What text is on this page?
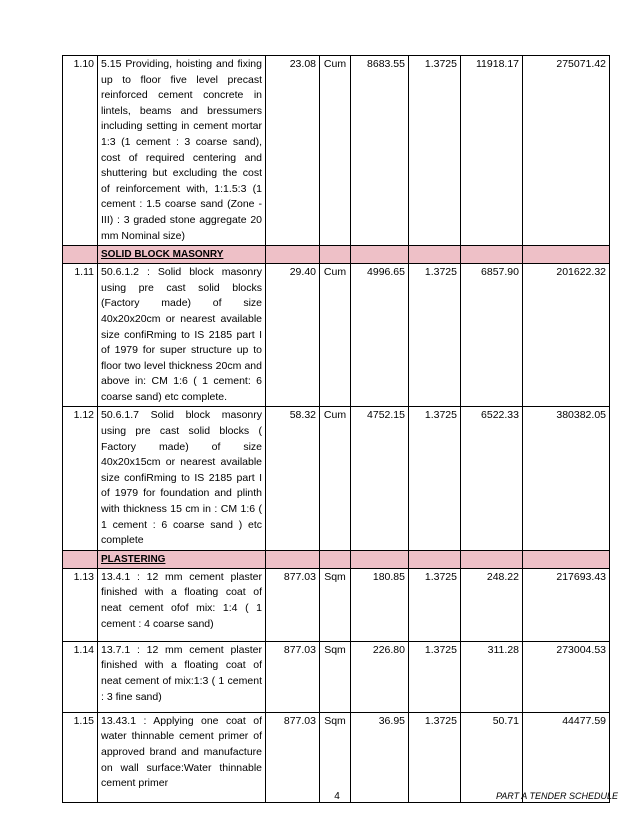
1.10	5.15 Providing, hoisting and fixing up to floor five level precast reinforced cement concrete in lintels, beams and bressumers including setting in cement mortar 1:3 (1 cement : 3 coarse sand), cost of required centering and shuttering but excluding the cost of reinforcement with, 1:1.5:3 (1 cement : 1.5 coarse sand (Zone - III) : 3 graded stone aggregate 20 mm Nominal size)	23.08	Cum	8683.55	1.3725	11918.17	275071.42
	SOLID BLOCK MASONRY						
1.11	50.6.1.2 : Solid block masonry using pre cast solid blocks (Factory made) of size 40x20x20cm or nearest available size confiRming to IS 2185 part I of 1979 for super structure up to floor two level thickness 20cm and above in: CM 1:6 ( 1 cement: 6 coarse sand) etc complete.	29.40	Cum	4996.65	1.3725	6857.90	201622.32
1.12	50.6.1.7 Solid block masonry using pre cast solid blocks ( Factory made) of size 40x20x15cm or nearest available size confiRming to IS 2185 part I of 1979 for foundation and plinth with thickness 15 cm in : CM 1:6 ( 1 cement : 6 coarse sand ) etc complete	58.32	Cum	4752.15	1.3725	6522.33	380382.05
	PLASTERING						
1.13	13.4.1 : 12 mm cement plaster finished with a floating coat of neat cement ofof mix: 1:4 ( 1 cement : 4 coarse sand)	877.03	Sqm	180.85	1.3725	248.22	217693.43
1.14	13.7.1 : 12 mm cement plaster finished with a floating coat of neat cement of mix:1:3 ( 1 cement : 3 fine sand)	877.03	Sqm	226.80	1.3725	311.28	273004.53
1.15	13.43.1 : Applying one coat of water thinnable cement primer of approved brand and manufacture on wall surface:Water thinnable cement primer	877.03	Sqm	36.95	1.3725	50.71	44477.59
4	PART A TENDER SCHEDULE
